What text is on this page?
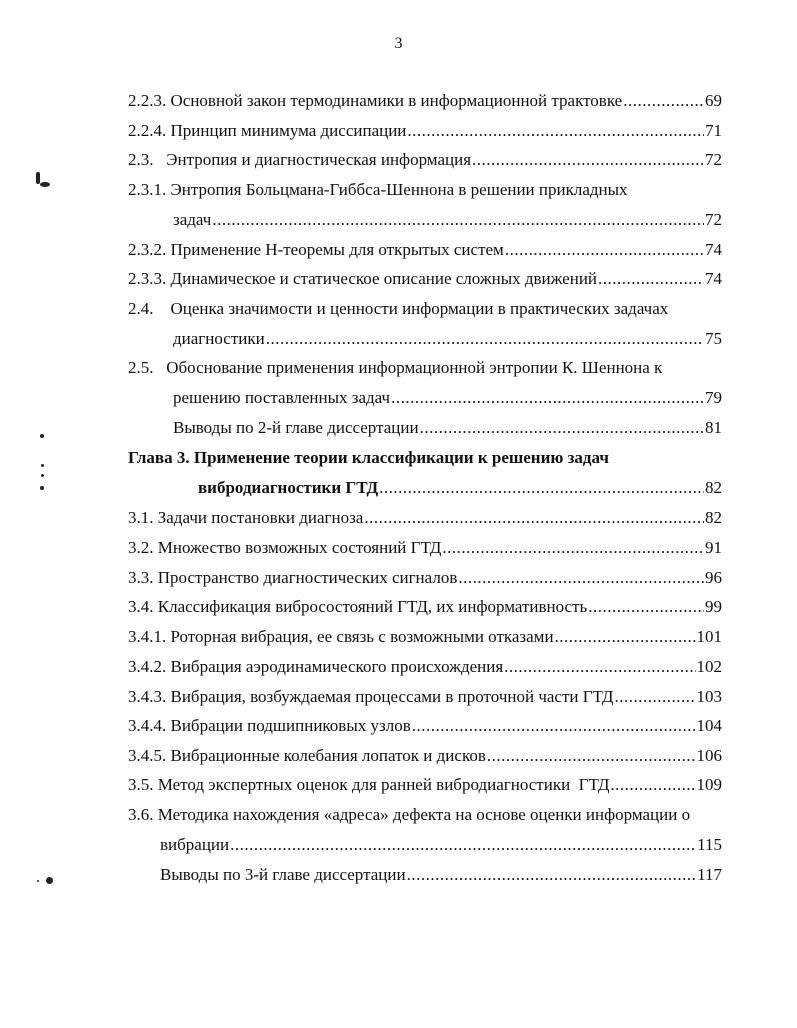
3
2.2.3. Основной закон термодинамики в информационной трактовке .....	69
2.2.4. Принцип минимума диссипации .....	71
2.3.   Энтропия и диагностическая информация .....	72
2.3.1. Энтропия Больцмана-Гиббса-Шеннона в решении прикладных
задач .....	72
2.3.2. Применение Н-теоремы для открытых систем .....	74
2.3.3. Динамическое и статическое описание сложных движений .....	74
2.4.    Оценка значимости и ценности информации в практических задачах
диагностики .....	75
2.5.   Обоснование применения информационной энтропии К. Шеннона к
решению поставленных задач .....	79
Выводы по 2-й главе диссертации .....	81
Глава 3. Применение теории классификации к решению задач
вибродиагностики ГТД .....	82
3.1. Задачи постановки диагноза .....	82
3.2. Множество возможных состояний ГТД .....	91
3.3. Пространство диагностических сигналов .....	96
3.4. Классификация вибросостояний ГТД, их информативность .....	99
3.4.1. Роторная вибрация, ее связь с возможными отказами .....	101
3.4.2. Вибрация аэродинамического происхождения .....	102
3.4.3. Вибрация, возбуждаемая процессами в проточной части ГТД .....	103
3.4.4. Вибрации подшипниковых узлов .....	104
3.4.5. Вибрационные колебания лопаток и дисков .....	106
3.5. Метод экспертных оценок для ранней вибродиагностики  ГТД .....	109
3.6. Методика нахождения «адреса» дефекта на основе оценки информации о
вибрации .....	115
Выводы по 3-й главе диссертации .....	117
